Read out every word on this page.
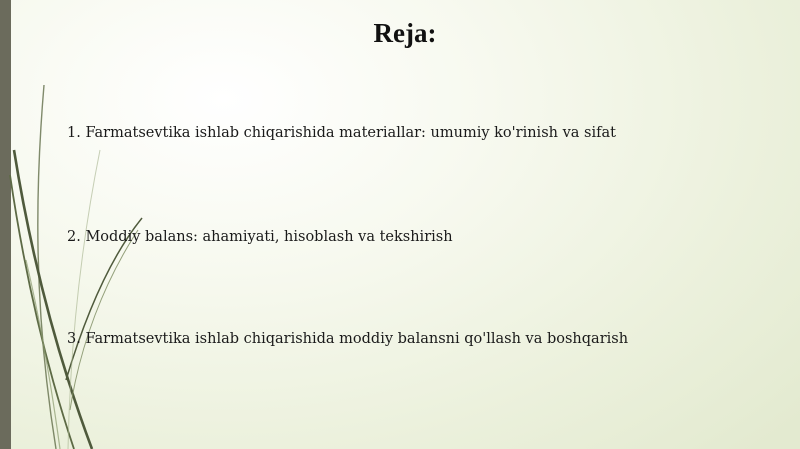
Reja:
1. Farmatsevtika ishlab chiqarishida materiallar: umumiy ko'rinish va sifat
2. Moddiy balans: ahamiyati, hisoblash va tekshirish
3. Farmatsevtika ishlab chiqarishida moddiy balansni qo'llash va boshqarish
